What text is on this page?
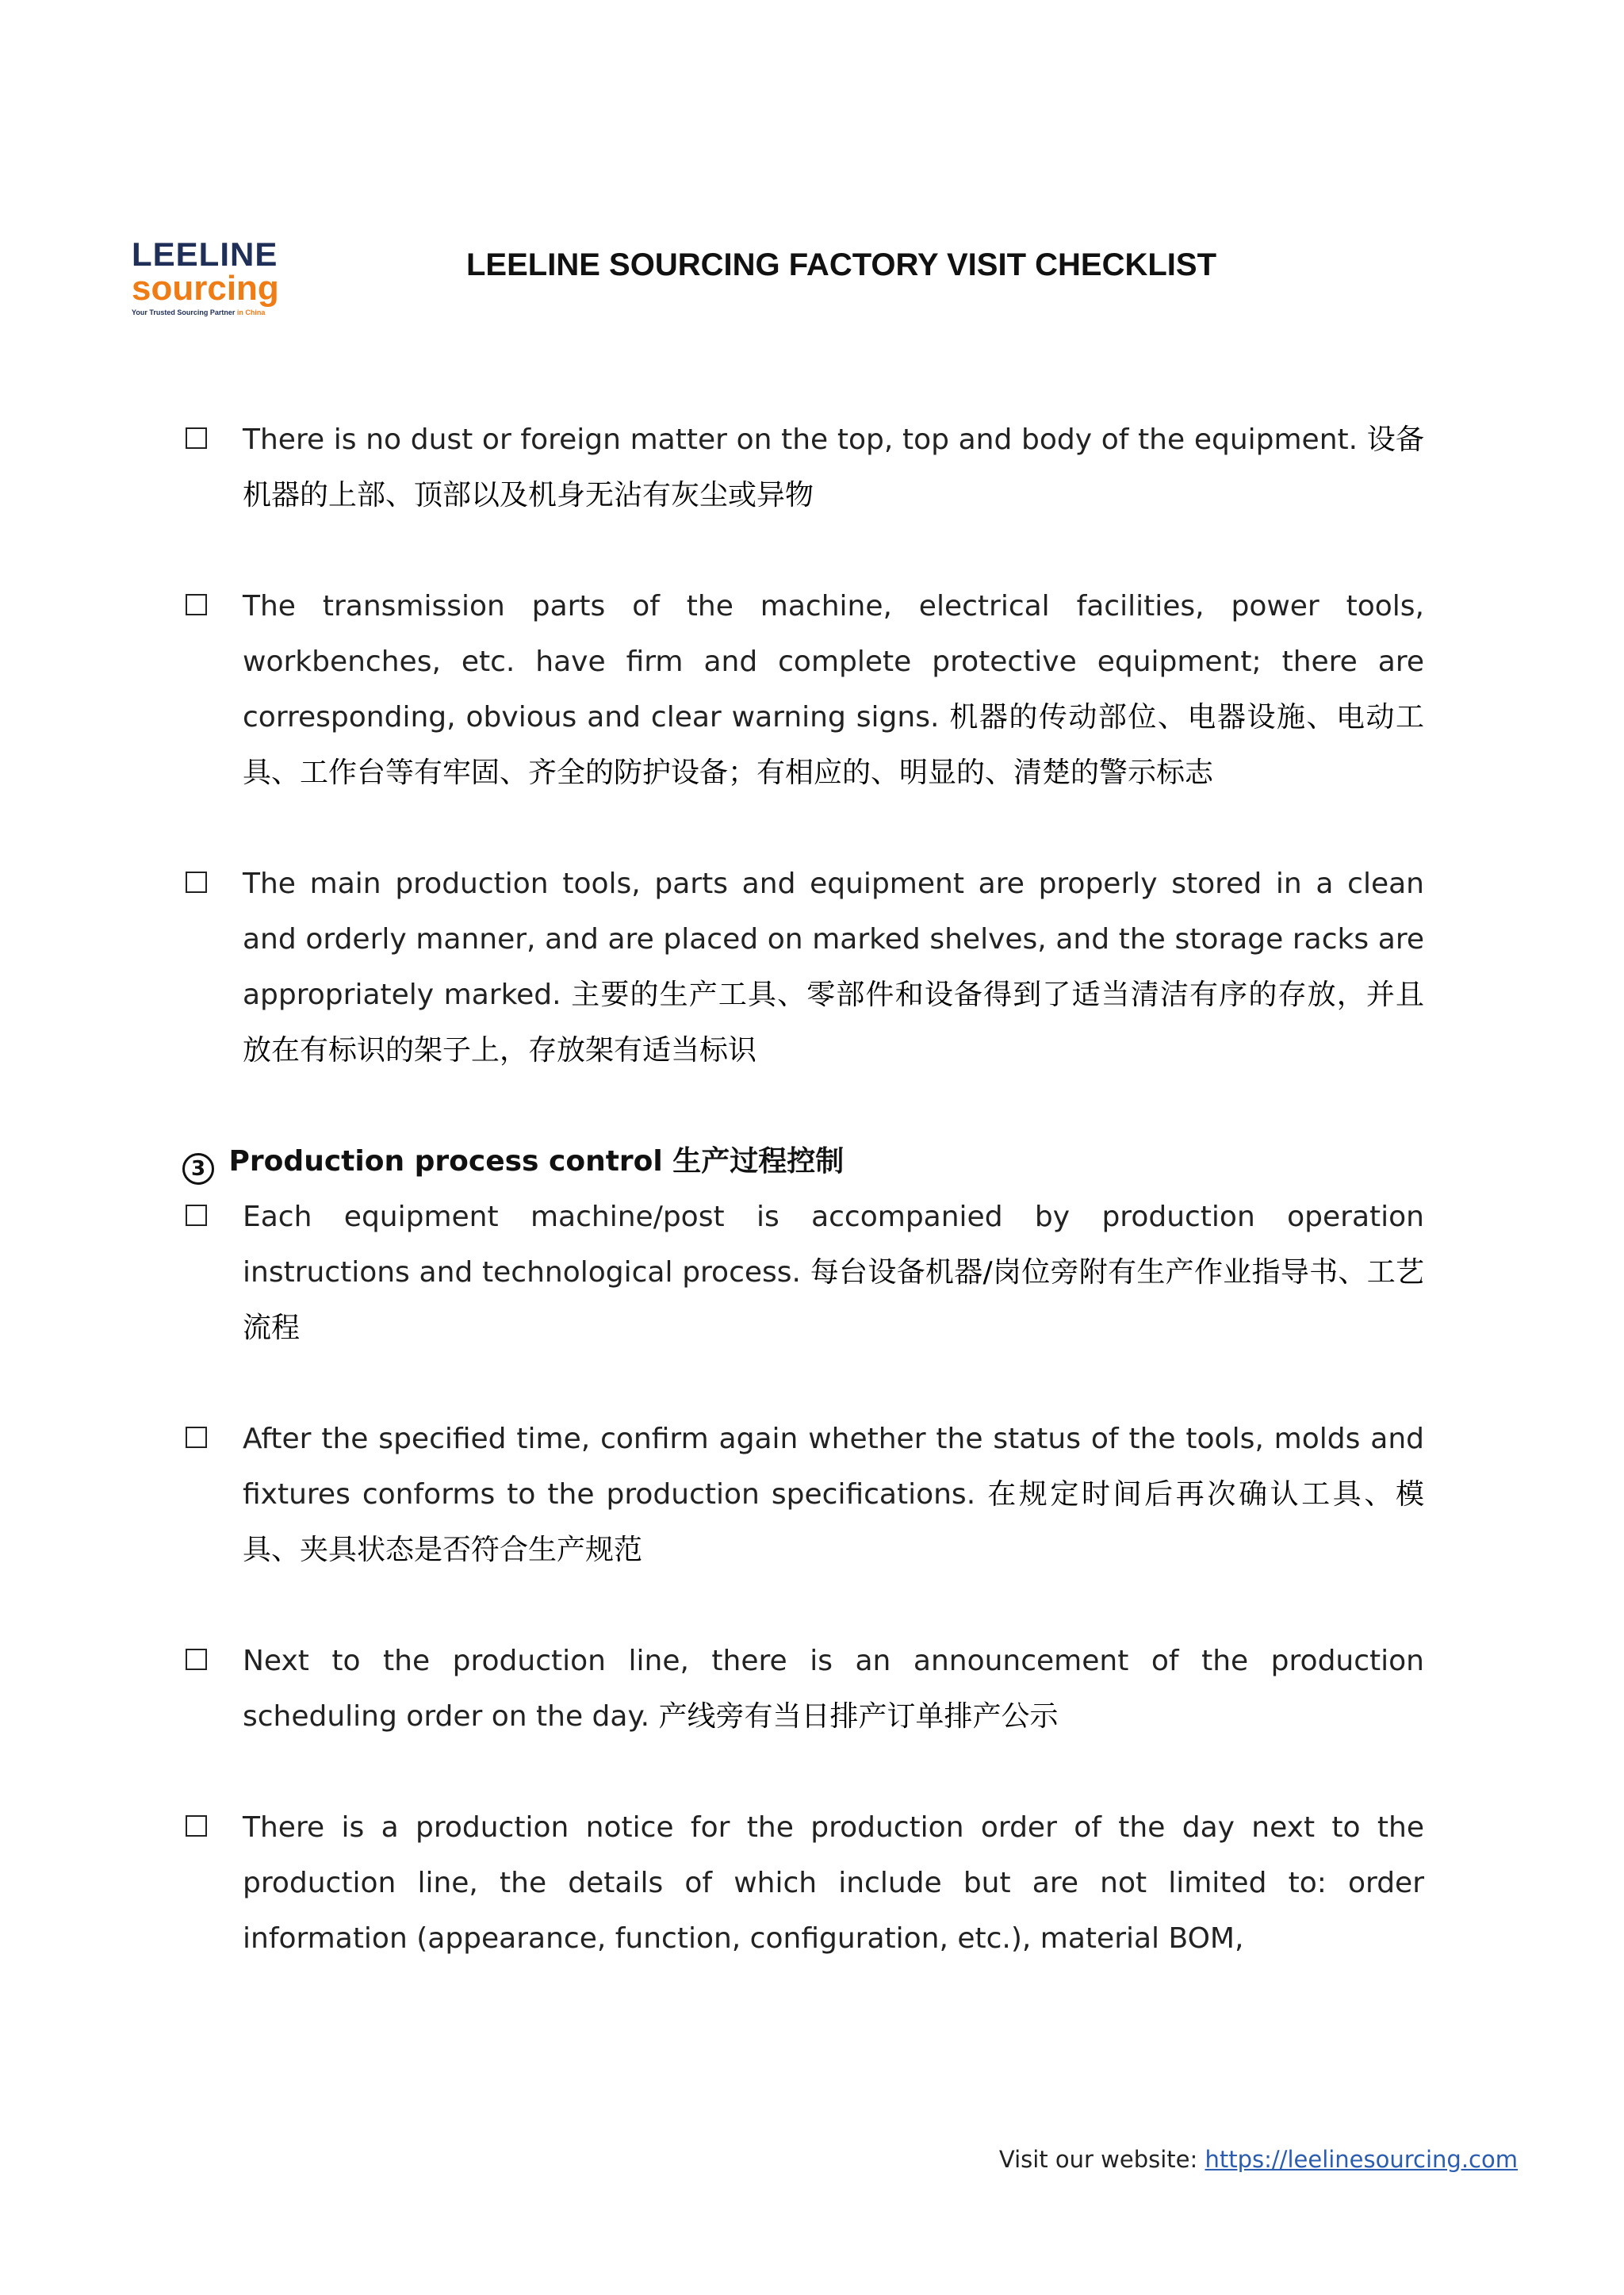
LEELINE
sourcing
Your Trusted Sourcing Partner in China
LEELINE SOURCING FACTORY VISIT CHECKLIST
There is no dust or foreign matter on the top, top and body of the equipment. 设备机器的上部、顶部以及机身无沾有灰尘或异物
The transmission parts of the machine, electrical facilities, power tools, workbenches, etc. have firm and complete protective equipment; there are corresponding, obvious and clear warning signs. 机器的传动部位、电器设施、电动工具、工作台等有牢固、齐全的防护设备；有相应的、明显的、清楚的警示标志
The main production tools, parts and equipment are properly stored in a clean and orderly manner, and are placed on marked shelves, and the storage racks are appropriately marked. 主要的生产工具、零部件和设备得到了适当清洁有序的存放，并且放在有标识的架子上，存放架有适当标识
3 Production process control 生产过程控制
Each equipment machine/post is accompanied by production operation instructions and technological process. 每台设备机器/岗位旁附有生产作业指导书、工艺流程
After the specified time, confirm again whether the status of the tools, molds and fixtures conforms to the production specifications. 在规定时间后再次确认工具、模具、夹具状态是否符合生产规范
Next to the production line, there is an announcement of the production scheduling order on the day. 产线旁有当日排产订单排产公示
There is a production notice for the production order of the day next to the production line, the details of which include but are not limited to: order information (appearance, function, configuration, etc.), material BOM,
Visit our website: https://leelinesourcing.com
